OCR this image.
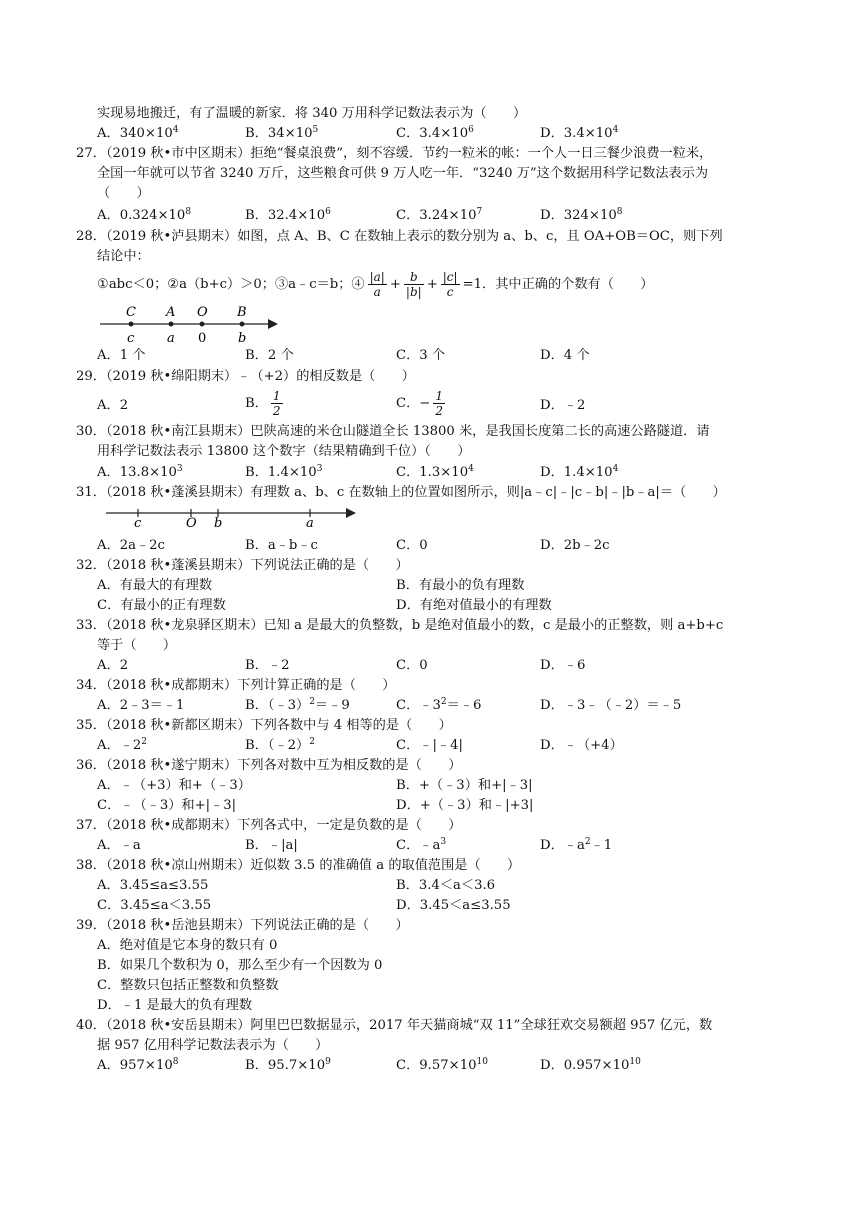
实现易地搬迁，有了温暖的新家．将 340 万用科学记数法表示为（　　）
A．$340\times 10^4$	B．$34\times 10^5$	C．$3.4\times 10^6$	D．$3.4\times 10^4$
27．（2019 秋•市中区期末）拒绝“餐桌浪费”，刻不容缓．节约一粒米的帐：一个人一日三餐少浪费一粒米，
全国一年就可以节省 3240 万斤，这些粮食可供 9 万人吃一年．“3240 万”这个数据用科学记数法表示为
（　　）
A．$0.324\times 10^8$	B．$32.4\times 10^6$	C．$3.24\times 10^7$	D．$324\times 10^8$
28．（2019 秋•泸县期末）如图，点 A、B、C 在数轴上表示的数分别为 a、b、c，且 OA+OB＝OC，则下列
结论中：
①abc＜0；②a（b+c）＞0；③a﹣c＝b；④ $\frac{|a|}{a} + \frac{b}{|b|} + \frac{|c|}{c} =1$．其中正确的个数有（　　）
C A O B
c	a 0 b
A．1 个	B．2 个	C．3 个	D．4 个
29．（2019 秋•绵阳期末）﹣（+2）的相反数是（　　）
A．2	B． $\frac{1}{2}$	C．− $\frac{1}{2}$	D．﹣2
30．（2018 秋•南江县期末）巴陕高速的米仓山隧道全长 13800 米，是我国长度第二长的高速公路隧道．请
用科学记数法表示 13800 这个数字（结果精确到千位）（　　）
A．$13.8\times 10^3$	B．$1.4\times 10^3$	C．$1.3\times 10^4$	D．$1.4\times 10^4$
31．（2018 秋•蓬溪县期末）有理数 a、b、c 在数轴上的位置如图所示，则|a﹣c|﹣|c﹣b|﹣|b﹣a|＝（　　）
c	O b	a
A．2a﹣2c	B．a﹣b﹣c	C．0	D．2b﹣2c
32．（2018 秋•蓬溪县期末）下列说法正确的是（　　）
A．有最大的有理数	B．有最小的负有理数
C．有最小的正有理数	D．有绝对值最小的有理数
33．（2018 秋•龙泉驿区期末）已知 a 是最大的负整数，b 是绝对值最小的数，c 是最小的正整数，则 a+b+c
等于（　　）
A．2	B．﹣2	C．0	D．﹣6
34．（2018 秋•成都期末）下列计算正确的是（　　）
A．2﹣3＝﹣1	B．（﹣3）$^2$＝﹣9	C．$﹣3^2=﹣6$	D．﹣3﹣（﹣2）＝﹣5
35．（2018 秋•新都区期末）下列各数中与 4 相等的是（　　）
A．$﹣2^2$	B．（﹣2）$^2$	C．﹣|﹣4|	D．﹣（+4）
36．（2018 秋•遂宁期末）下列各对数中互为相反数的是（　　）
A．﹣（+3）和+（﹣3）	B．+（﹣3）和+|﹣3|
C．﹣（﹣3）和+|﹣3|	D．+（﹣3）和﹣|+3|
37．（2018 秋•成都期末）下列各式中，一定是负数的是（　　）
A．﹣a	B．﹣|a|	C．$﹣a^3$	D．$﹣a^2﹣1$
38．（2018 秋•凉山州期末）近似数 3.5 的准确值 a 的取值范围是（　　）
A．3.45≤a≤3.55	B．3.4＜a＜3.6
C．3.45≤a＜3.55	D．3.45＜a≤3.55
39．（2018 秋•岳池县期末）下列说法正确的是（　　）
A．绝对值是它本身的数只有 0
B．如果几个数积为 0，那么至少有一个因数为 0
C．整数只包括正整数和负整数
D．﹣1 是最大的负有理数
40．（2018 秋•安岳县期末）阿里巴巴数据显示，2017 年天猫商城“双 11”全球狂欢交易额超 957 亿元，数
据 957 亿用科学记数法表示为（　　）
A．$957\times 10^8$	B．$95.7\times 10^9$	C．$9.57\times 10^{10}$	D．$0.957\times 10^{10}$
